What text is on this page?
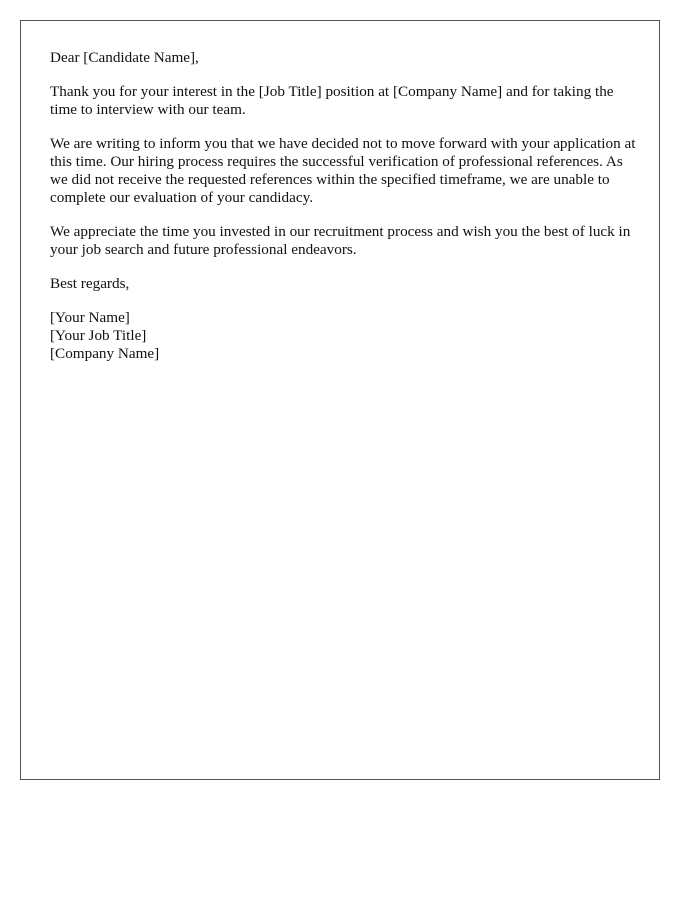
Dear [Candidate Name],

Thank you for your interest in the [Job Title] position at [Company Name] and for taking the time to interview with our team.

We are writing to inform you that we have decided not to move forward with your application at this time. Our hiring process requires the successful verification of professional references. As we did not receive the requested references within the specified timeframe, we are unable to complete our evaluation of your candidacy.

We appreciate the time you invested in our recruitment process and wish you the best of luck in your job search and future professional endeavors.

Best regards,

[Your Name]
[Your Job Title]
[Company Name]
